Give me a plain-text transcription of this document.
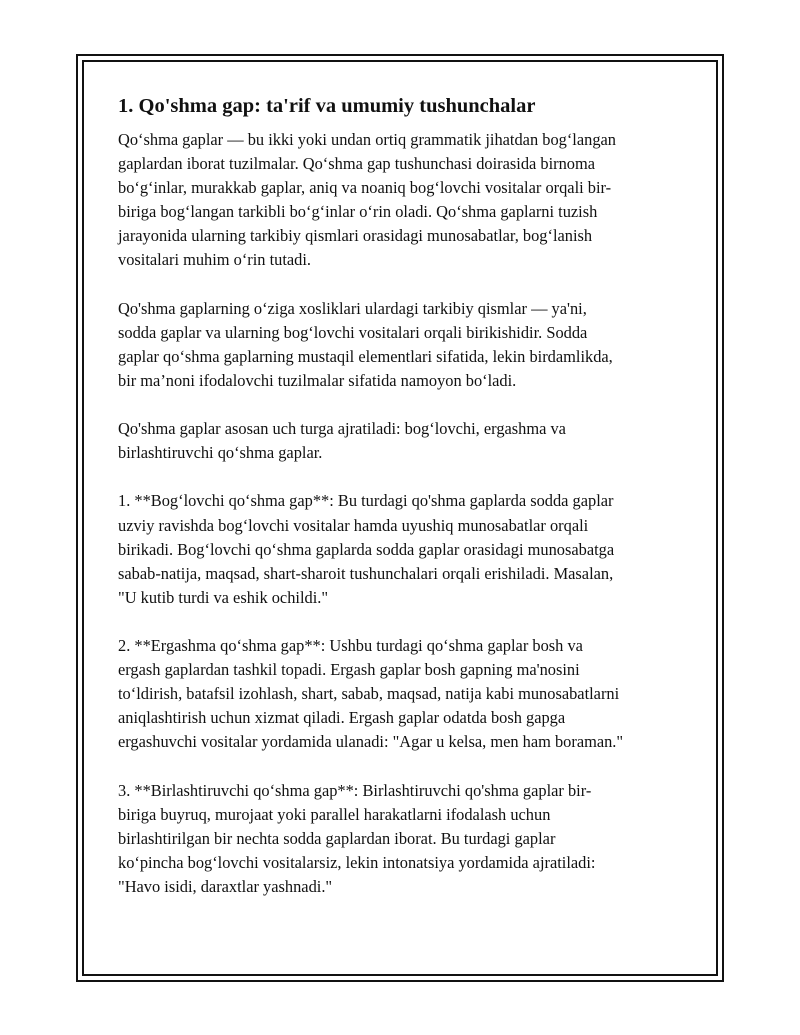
1. Qo'shma gap: ta'rif va umumiy tushunchalar

Qo‘shma gaplar — bu ikki yoki undan ortiq grammatik jihatdan bog‘langan
gaplardan iborat tuzilmalar. Qo‘shma gap tushunchasi doirasida birnoma
bo‘g‘inlar, murakkab gaplar, aniq va noaniq bog‘lovchi vositalar orqali bir-
biriga bog‘langan tarkibli bo‘g‘inlar o‘rin oladi. Qo‘shma gaplarni tuzish
jarayonida ularning tarkibiy qismlari orasidagi munosabatlar, bog‘lanish
vositalari muhim o‘rin tutadi.

Qo'shma gaplarning o‘ziga xosliklari ulardagi tarkibiy qismlar — ya'ni,
sodda gaplar va ularning bog‘lovchi vositalari orqali birikishidir. Sodda
gaplar qo‘shma gaplarning mustaqil elementlari sifatida, lekin birdamlikda,
bir ma’noni ifodalovchi tuzilmalar sifatida namoyon bo‘ladi.

Qo'shma gaplar asosan uch turga ajratiladi: bog‘lovchi, ergashma va
birlashtiruvchi qo‘shma gaplar.

1. **Bog‘lovchi qo‘shma gap**: Bu turdagi qo'shma gaplarda sodda gaplar
uzviy ravishda bog‘lovchi vositalar hamda uyushiq munosabatlar orqali
birikadi. Bog‘lovchi qo‘shma gaplarda sodda gaplar orasidagi munosabatga
sabab-natija, maqsad, shart-sharoit tushunchalari orqali erishiladi. Masalan,
"U kutib turdi va eshik ochildi."

2. **Ergashma qo‘shma gap**: Ushbu turdagi qo‘shma gaplar bosh va
ergash gaplardan tashkil topadi. Ergash gaplar bosh gapning ma'nosini
to‘ldirish, batafsil izohlash, shart, sabab, maqsad, natija kabi munosabatlarni
aniqlashtirish uchun xizmat qiladi. Ergash gaplar odatda bosh gapga
ergashuvchi vositalar yordamida ulanadi: "Agar u kelsa, men ham boraman."

3. **Birlashtiruvchi qo‘shma gap**: Birlashtiruvchi qo'shma gaplar bir-
biriga buyruq, murojaat yoki parallel harakatlarni ifodalash uchun
birlashtirilgan bir nechta sodda gaplardan iborat. Bu turdagi gaplar
ko‘pincha bog‘lovchi vositalarsiz, lekin intonatsiya yordamida ajratiladi:
"Havo isidi, daraxtlar yashnadi."
